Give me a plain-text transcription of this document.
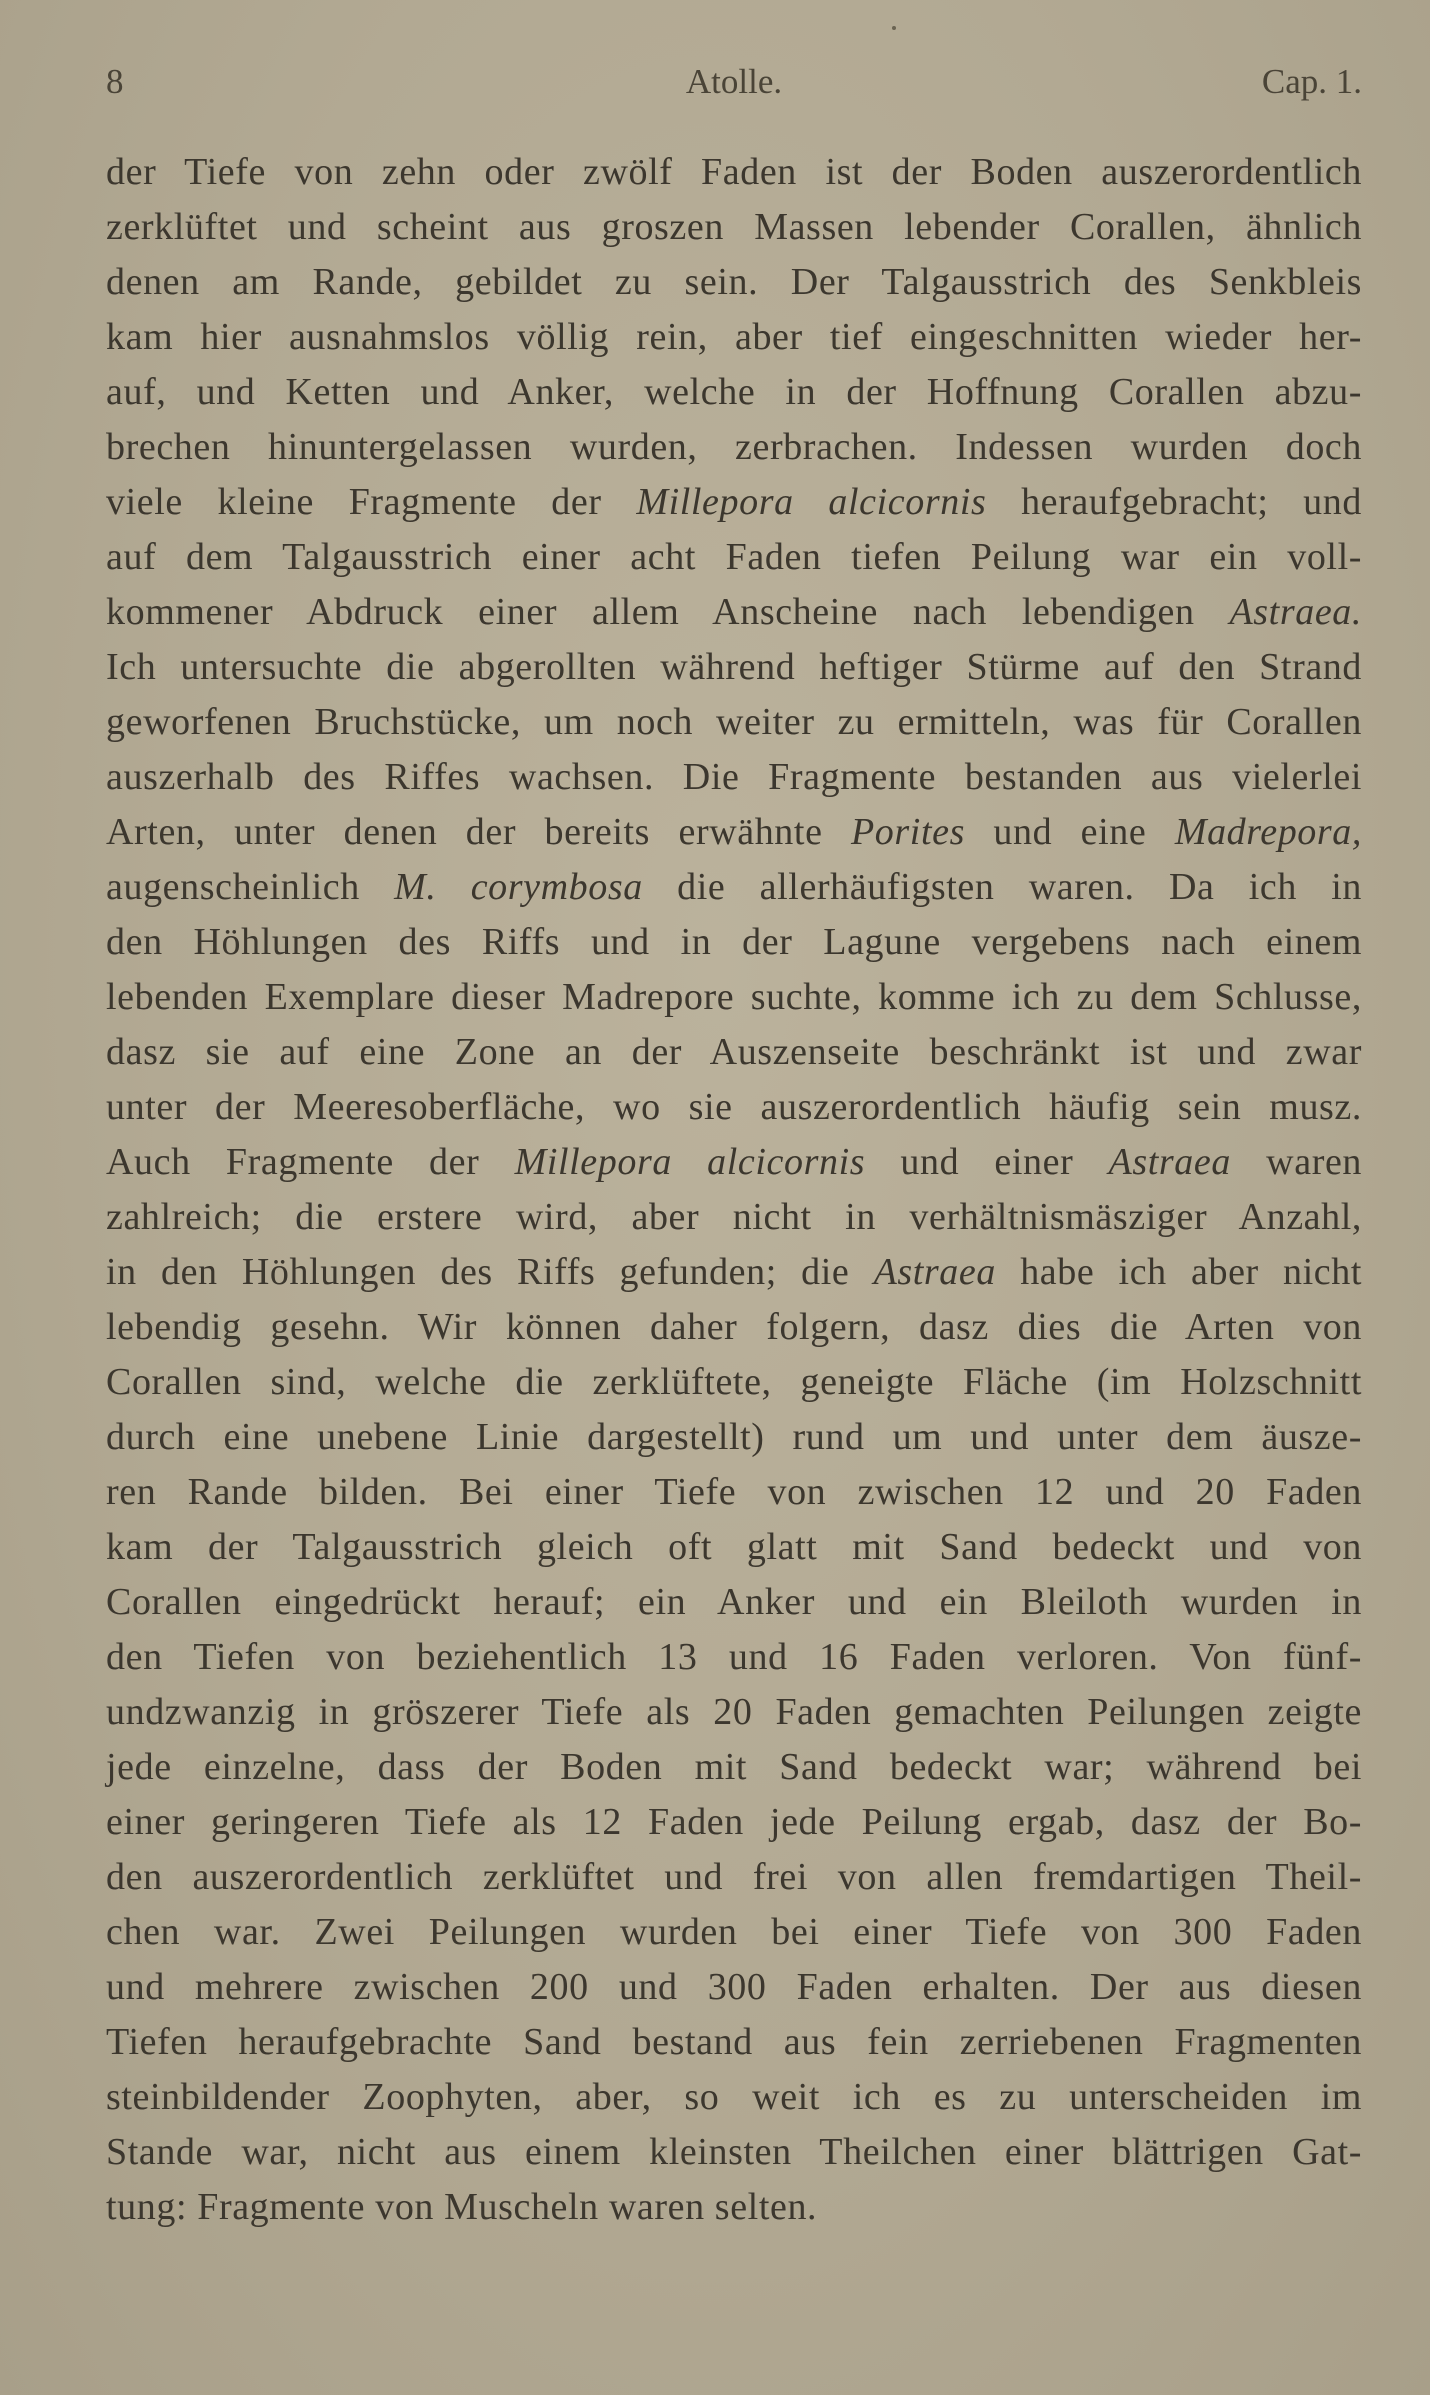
8	Atolle.	Cap. 1.
der Tiefe von zehn oder zwölf Faden ist der Boden auszerordentlich
zerklüftet und scheint aus groszen Massen lebender Corallen, ähnlich
denen am Rande, gebildet zu sein. Der Talgausstrich des Senkbleis
kam hier ausnahmslos völlig rein, aber tief eingeschnitten wieder her-
auf, und Ketten und Anker, welche in der Hoffnung Corallen abzu-
brechen hinuntergelassen wurden, zerbrachen. Indessen wurden doch
viele kleine Fragmente der Millepora alcicornis heraufgebracht; und
auf dem Talgausstrich einer acht Faden tiefen Peilung war ein voll-
kommener Abdruck einer allem Anscheine nach lebendigen Astraea.
Ich untersuchte die abgerollten während heftiger Stürme auf den Strand
geworfenen Bruchstücke, um noch weiter zu ermitteln, was für Corallen
auszerhalb des Riffes wachsen. Die Fragmente bestanden aus vielerlei
Arten, unter denen der bereits erwähnte Porites und eine Madrepora,
augenscheinlich M. corymbosa die allerhäufigsten waren. Da ich in
den Höhlungen des Riffs und in der Lagune vergebens nach einem
lebenden Exemplare dieser Madrepore suchte, komme ich zu dem Schlusse,
dasz sie auf eine Zone an der Auszenseite beschränkt ist und zwar
unter der Meeresoberfläche, wo sie auszerordentlich häufig sein musz.
Auch Fragmente der Millepora alcicornis und einer Astraea waren
zahlreich; die erstere wird, aber nicht in verhältnismäsziger Anzahl,
in den Höhlungen des Riffs gefunden; die Astraea habe ich aber nicht
lebendig gesehn. Wir können daher folgern, dasz dies die Arten von
Corallen sind, welche die zerklüftete, geneigte Fläche (im Holzschnitt
durch eine unebene Linie dargestellt) rund um und unter dem äusze-
ren Rande bilden. Bei einer Tiefe von zwischen 12 und 20 Faden
kam der Talgausstrich gleich oft glatt mit Sand bedeckt und von
Corallen eingedrückt herauf; ein Anker und ein Bleiloth wurden in
den Tiefen von beziehentlich 13 und 16 Faden verloren. Von fünf-
undzwanzig in gröszerer Tiefe als 20 Faden gemachten Peilungen zeigte
jede einzelne, dass der Boden mit Sand bedeckt war; während bei
einer geringeren Tiefe als 12 Faden jede Peilung ergab, dasz der Bo-
den auszerordentlich zerklüftet und frei von allen fremdartigen Theil-
chen war. Zwei Peilungen wurden bei einer Tiefe von 300 Faden
und mehrere zwischen 200 und 300 Faden erhalten. Der aus diesen
Tiefen heraufgebrachte Sand bestand aus fein zerriebenen Fragmenten
steinbildender Zoophyten, aber, so weit ich es zu unterscheiden im
Stande war, nicht aus einem kleinsten Theilchen einer blättrigen Gat-
tung: Fragmente von Muscheln waren selten.
